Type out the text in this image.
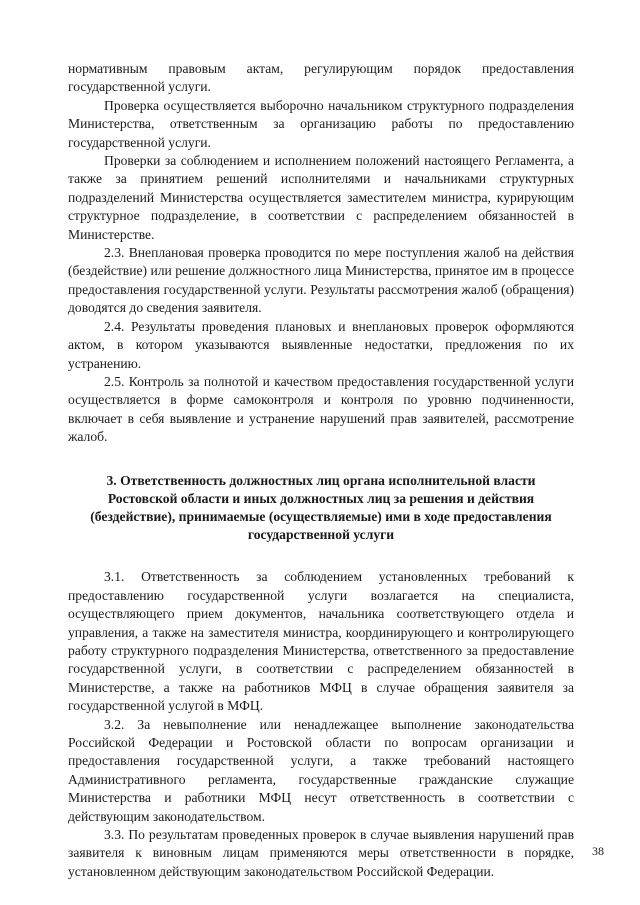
нормативным правовым актам, регулирующим порядок предоставления государственной услуги.

Проверка осуществляется выборочно начальником структурного подразделения Министерства, ответственным за организацию работы по предоставлению государственной услуги.

Проверки за соблюдением и исполнением положений настоящего Регламента, а также за принятием решений исполнителями и начальниками структурных подразделений Министерства осуществляется заместителем министра, курирующим структурное подразделение, в соответствии с распределением обязанностей в Министерстве.

2.3. Внеплановая проверка проводится по мере поступления жалоб на действия (бездействие) или решение должностного лица Министерства, принятое им в процессе предоставления государственной услуги. Результаты рассмотрения жалоб (обращения) доводятся до сведения заявителя.

2.4. Результаты проведения плановых и внеплановых проверок оформляются актом, в котором указываются выявленные недостатки, предложения по их устранению.

2.5. Контроль за полнотой и качеством предоставления государственной услуги осуществляется в форме самоконтроля и контроля по уровню подчиненности, включает в себя выявление и устранение нарушений прав заявителей, рассмотрение жалоб.

3. Ответственность должностных лиц органа исполнительной власти Ростовской области и иных должностных лиц за решения и действия (бездействие), принимаемые (осуществляемые) ими в ходе предоставления государственной услуги

3.1. Ответственность за соблюдением установленных требований к предоставлению государственной услуги возлагается на специалиста, осуществляющего прием документов, начальника соответствующего отдела и управления, а также на заместителя министра, координирующего и контролирующего работу структурного подразделения Министерства, ответственного за предоставление государственной услуги, в соответствии с распределением обязанностей в Министерстве, а также на работников МФЦ в случае обращения заявителя за государственной услугой в МФЦ.

3.2. За невыполнение или ненадлежащее выполнение законодательства Российской Федерации и Ростовской области по вопросам организации и предоставления государственной услуги, а также требований настоящего Административного регламента, государственные гражданские служащие Министерства и работники МФЦ несут ответственность в соответствии с действующим законодательством.

3.3. По результатам проведенных проверок в случае выявления нарушений прав заявителя к виновным лицам применяются меры ответственности в порядке, установленном действующим законодательством Российской Федерации.

38
